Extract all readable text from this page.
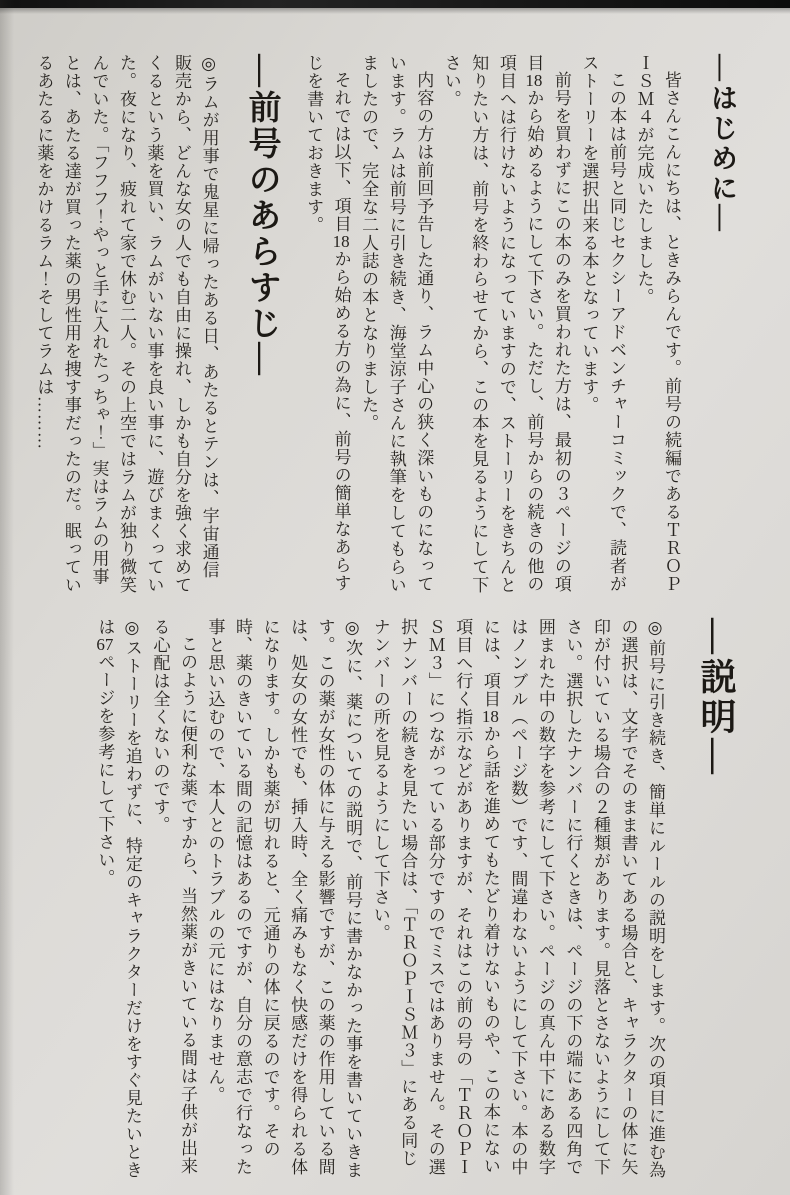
―はじめに―

皆さんこんにちは、ときみらんです。前号の続編であるＴＲＯＰＩＳＭ４が完成いたしました。

この本は前号と同じセクシーアドベンチャーコミックで、読者がストーリーを選択出来る本となっています。

前号を買わずにこの本のみを買われた方は、最初の３ページの項目18から始めるようにして下さい。ただし、前号からの続きの他の項目へは行けないようになっていますので、ストーリーをきちんと知りたい方は、前号を終わらせてから、この本を見るようにして下さい。

内容の方は前回予告した通り、ラム中心の狭く深いものになっています。ラムは前号に引き続き、海堂涼子さんに執筆をしてもらいましたので、完全な二人誌の本となりました。

それでは以下、項目18から始める方の為に、前号の簡単なあらすじを書いておきます。

―前号のあらすじ―

◎ラムが用事で鬼星に帰ったある日、あたるとテンは、宇宙通信販売から、どんな女の人でも自由に操れ、しかも自分を強く求めてくるという薬を買い、ラムがいない事を良い事に、遊びまくっていた。夜になり、疲れて家で休む二人。その上空ではラムが独り微笑んでいた。「フフフ！やっと手に入れたっちゃ！」実はラムの用事とは、あたる達が買った薬の男性用を捜す事だったのだ。眠っているあたるに薬をかけるラム！そしてラムは………

―説明―

◎前号に引き続き、簡単にルールの説明をします。次の項目に進む為の選択は、文字でそのまま書いてある場合と、キャラクターの体に矢印が付いている場合の２種類があります。見落とさないようにして下さい。選択したナンバーに行くときは、ページの下の端にある四角で囲まれた中の数字を参考にして下さい。ページの真ん中下にある数字はノンブル（ページ数）です、間違わないようにして下さい。本の中には、項目18から話を進めてもたどり着けないものや、この本にない項目へ行く指示などがありますが、それはこの前の号の「ＴＲＯＰＩＳＭ３」につながっている部分ですのでミスではありません。その選択ナンバーの続きを見たい場合は、「ＴＲＯＰＩＳＭ３」にある同じナンバーの所を見るようにして下さい。

◎次に、薬についての説明で、前号に書かなかった事を書いていきます。この薬が女性の体に与える影響ですが、この薬の作用している間は、処女の女性でも、挿入時、全く痛みもなく快感だけを得られる体になります。しかも薬が切れると、元通りの体に戻るのです。その時、薬のきいている間の記憶はあるのですが、自分の意志で行なった事と思い込むので、本人とのトラブルの元にはなりません。

このように便利な薬ですから、当然薬がきいている間は子供が出来る心配は全くないのです。

◎ストーリーを追わずに、特定のキャラクターだけをすぐ見たいときは67ページを参考にして下さい。
